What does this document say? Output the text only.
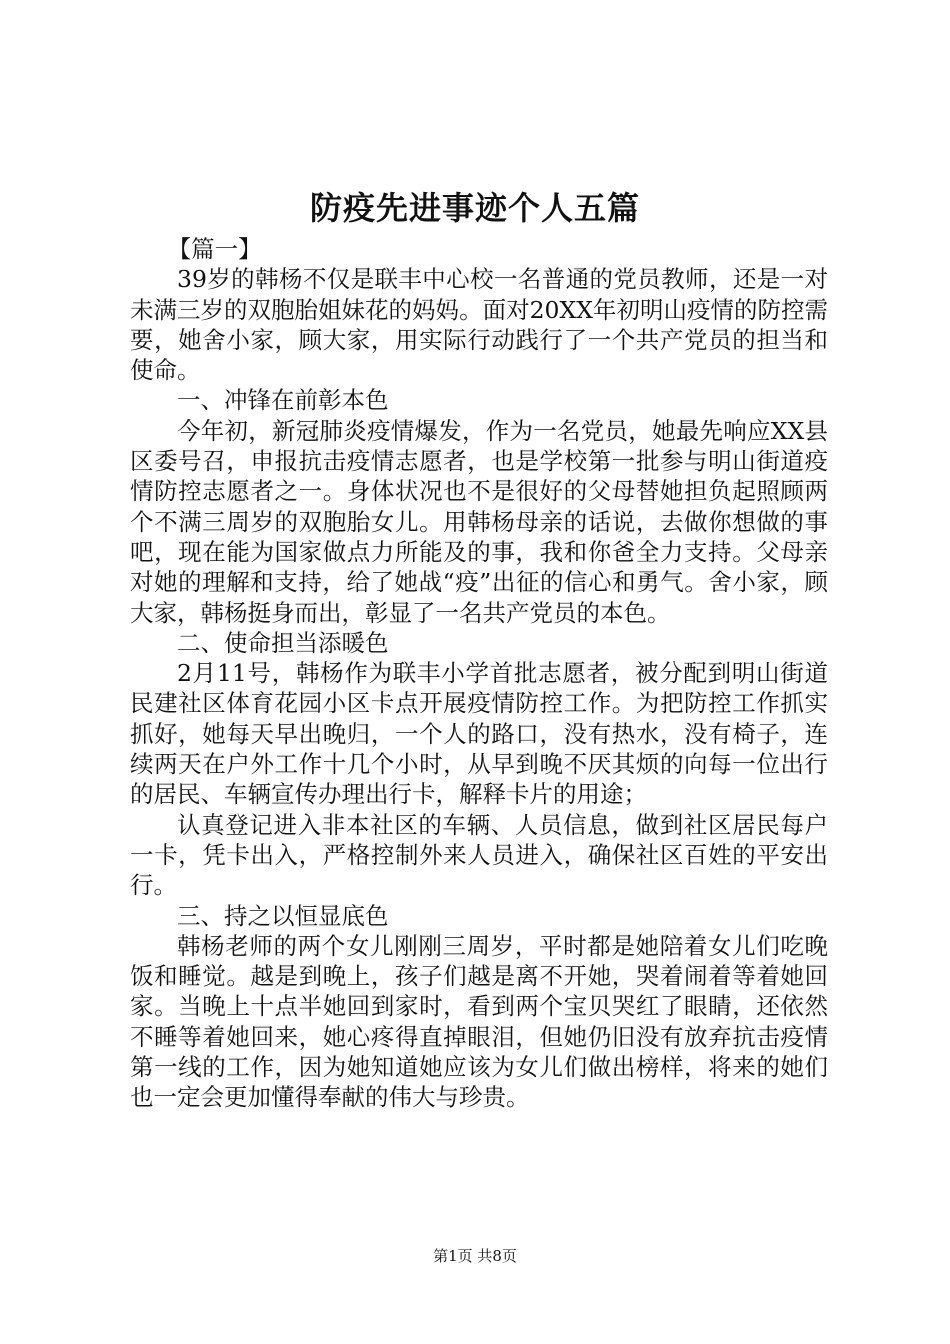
防疫先进事迹个人五篇

【篇一】

39岁的韩杨不仅是联丰中心校一名普通的党员教师，还是一对未满三岁的双胞胎姐妹花的妈妈。面对20XX年初明山疫情的防控需要，她舍小家，顾大家，用实际行动践行了一个共产党员的担当和使命。

一、冲锋在前彰本色

今年初，新冠肺炎疫情爆发，作为一名党员，她最先响应XX县区委号召，申报抗击疫情志愿者，也是学校第一批参与明山街道疫情防控志愿者之一。身体状况也不是很好的父母替她担负起照顾两个不满三周岁的双胞胎女儿。用韩杨母亲的话说，去做你想做的事吧，现在能为国家做点力所能及的事，我和你爸全力支持。父母亲对她的理解和支持，给了她战“疫”出征的信心和勇气。舍小家，顾大家，韩杨挺身而出，彰显了一名共产党员的本色。

二、使命担当添暖色

2月11号，韩杨作为联丰小学首批志愿者，被分配到明山街道民建社区体育花园小区卡点开展疫情防控工作。为把防控工作抓实抓好，她每天早出晚归，一个人的路口，没有热水，没有椅子，连续两天在户外工作十几个小时，从早到晚不厌其烦的向每一位出行的居民、车辆宣传办理出行卡，解释卡片的用途；

认真登记进入非本社区的车辆、人员信息，做到社区居民每户一卡，凭卡出入，严格控制外来人员进入，确保社区百姓的平安出行。

三、持之以恒显底色

韩杨老师的两个女儿刚刚三周岁，平时都是她陪着女儿们吃晚饭和睡觉。越是到晚上，孩子们越是离不开她，哭着闹着等着她回家。当晚上十点半她回到家时，看到两个宝贝哭红了眼睛，还依然不睡等着她回来，她心疼得直掉眼泪，但她仍旧没有放弃抗击疫情第一线的工作，因为她知道她应该为女儿们做出榜样，将来的她们也一定会更加懂得奉献的伟大与珍贵。

第1页 共8页
